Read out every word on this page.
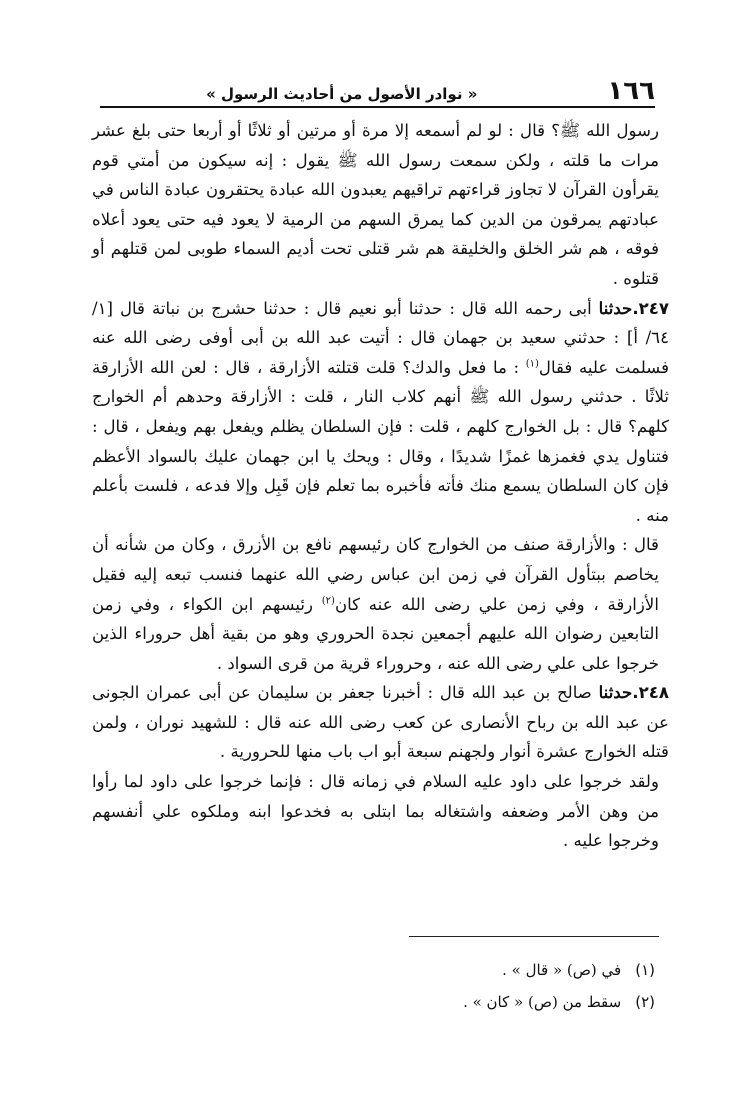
١٦٦
« نوادر الأصول من أحاديث الرسول »

رسول الله ﷺ؟ قال : لو لم أسمعه إلا مرة أو مرتين أو ثلاثًا أو أربعا حتى بلغ عشر مرات ما قلته ، ولكن سمعت رسول الله ﷺ يقول : إنه سيكون من أمتي قوم يقرأون القرآن لا تجاوز قراءتهم تراقيهم يعبدون الله عبادة يحتقرون عبادة الناس في عبادتهم يمرقون من الدين كما يمرق السهم من الرمية لا يعود فيه حتى يعود أعلاه فوقه ، هم شر الخلق والخليقة هم شر قتلى تحت أديم السماء طوبى لمن قتلهم أو قتلوه .

٢٤٧.حدثنا أبى رحمه الله قال : حدثنا أبو نعيم قال : حدثنا حشرج بن نباتة قال [١/ ٦٤/ أ] : حدثني سعيد بن جهمان قال : أتيت عبد الله بن أبى أوفى رضى الله عنه فسلمت عليه فقال$^{(١)}$ : ما فعل والدك؟ قلت قتلته الأزارقة ، قال : لعن الله الأزارقة ثلاثًا . حدثني رسول الله ﷺ أنهم كلاب النار ، قلت : الأزارقة وحدهم أم الخوارج كلهم؟ قال : بل الخوارج كلهم ، قلت : فإن السلطان يظلم ويفعل بهم ويفعل ، قال : فتناول يدي فغمزها غمزًا شديدًا ، وقال : ويحك يا ابن جهمان عليك بالسواد الأعظم فإن كان السلطان يسمع منك فأته فأخبره بما تعلم فإن قَبِل وإلا فدعه ، فلست بأعلم منه .

قال : والأزارقة صنف من الخوارج كان رئيسهم نافع بن الأزرق ، وكان من شأنه أن يخاصم ببتأول القرآن في زمن ابن عباس رضي الله عنهما فنسب تبعه إليه فقيل الأزارقة ، وفي زمن علي رضى الله عنه كان$^{(٢)}$ رئيسهم ابن الكواء ، وفي زمن التابعين رضوان الله عليهم أجمعين نجدة الحروري وهو من بقية أهل حروراء الذين خرجوا على علي رضى الله عنه ، وحروراء قرية من قرى السواد .

٢٤٨.حدثنا صالح بن عبد الله قال : أخبرنا جعفر بن سليمان عن أبى عمران الجونى عن عبد الله بن رباح الأنصارى عن كعب رضى الله عنه قال : للشهيد نوران ، ولمن قتله الخوارج عشرة أنوار ولجهنم سبعة أبو اب باب منها للحرورية .

ولقد خرجوا على داود عليه السلام في زمانه قال : فإنما خرجوا على داود لما رأوا من وهن الأمر وضعفه واشتغاله بما ابتلى به فخدعوا ابنه وملكوه علي أنفسهم وخرجوا عليه .

(١)
في (ص) « قال » .
(٢)
سقط من (ص) « كان » .
